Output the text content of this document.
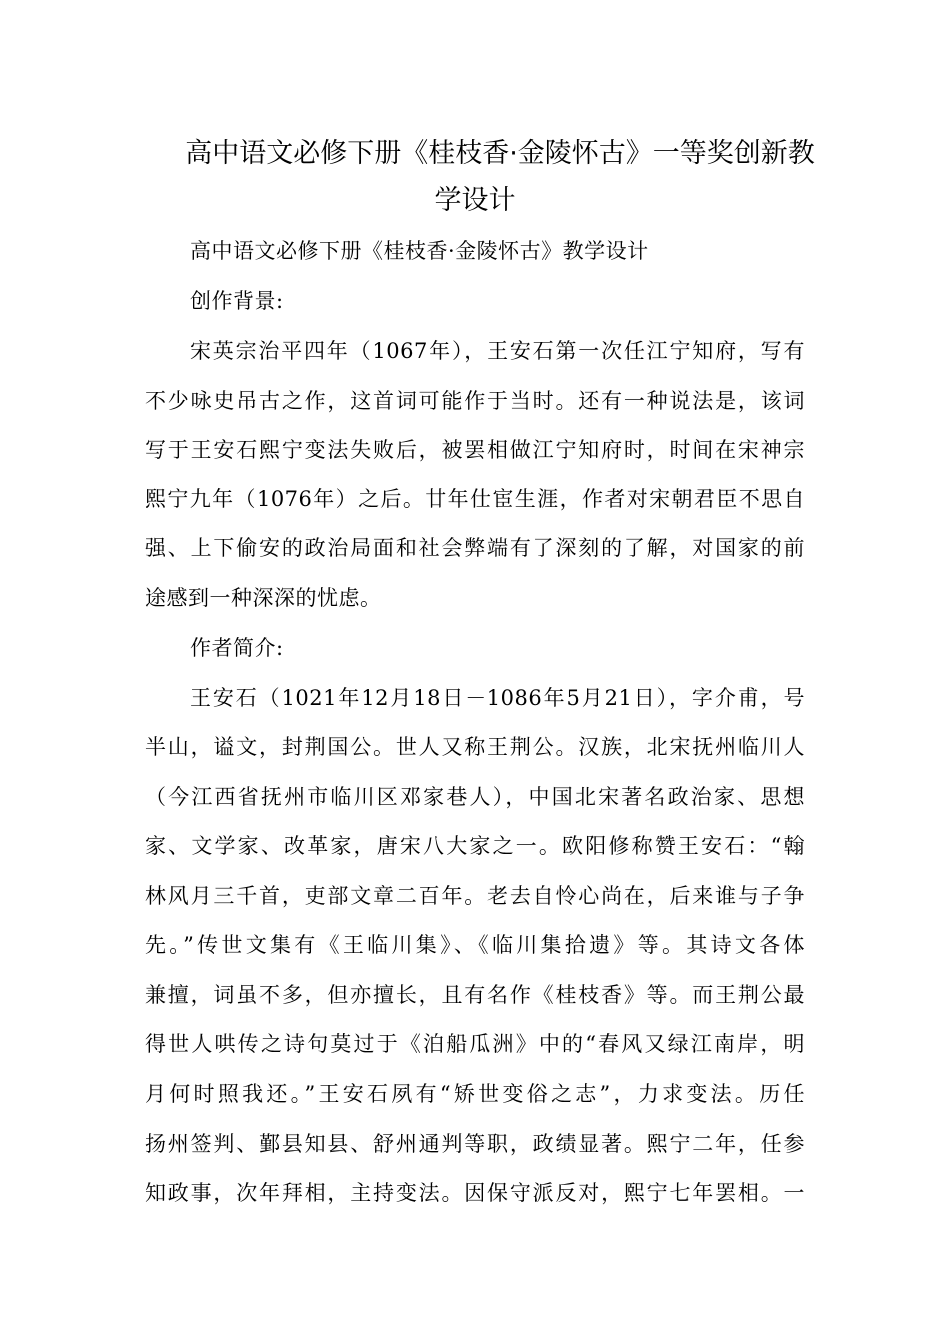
高中语文必修下册《桂枝香·金陵怀古》一等奖创新教
学设计
高中语文必修下册《桂枝香·金陵怀古》教学设计
创作背景:
宋英宗治平四年（1067年），王安石第一次任江宁知府，写有
不少咏史吊古之作，这首词可能作于当时。还有一种说法是，该词
写于王安石熙宁变法失败后，被罢相做江宁知府时，时间在宋神宗
熙宁九年（1076年）之后。廿年仕宦生涯，作者对宋朝君臣不思自
强、上下偷安的政治局面和社会弊端有了深刻的了解，对国家的前
途感到一种深深的忧虑。
作者简介:
王安石（1021年12月18日－1086年5月21日），字介甫，号
半山，谥文，封荆国公。世人又称王荆公。汉族，北宋抚州临川人
（今江西省抚州市临川区邓家巷人），中国北宋著名政治家、思想
家、文学家、改革家，唐宋八大家之一。欧阳修称赞王安石：“翰
林风月三千首，吏部文章二百年。老去自怜心尚在，后来谁与子争
先。”传世文集有《王临川集》、《临川集拾遗》等。其诗文各体
兼擅，词虽不多，但亦擅长，且有名作《桂枝香》等。而王荆公最
得世人哄传之诗句莫过于《泊船瓜洲》中的“春风又绿江南岸，明
月何时照我还。”王安石夙有“矫世变俗之志”，力求变法。历任
扬州签判、鄞县知县、舒州通判等职，政绩显著。熙宁二年，任参
知政事，次年拜相，主持变法。因保守派反对，熙宁七年罢相。一
